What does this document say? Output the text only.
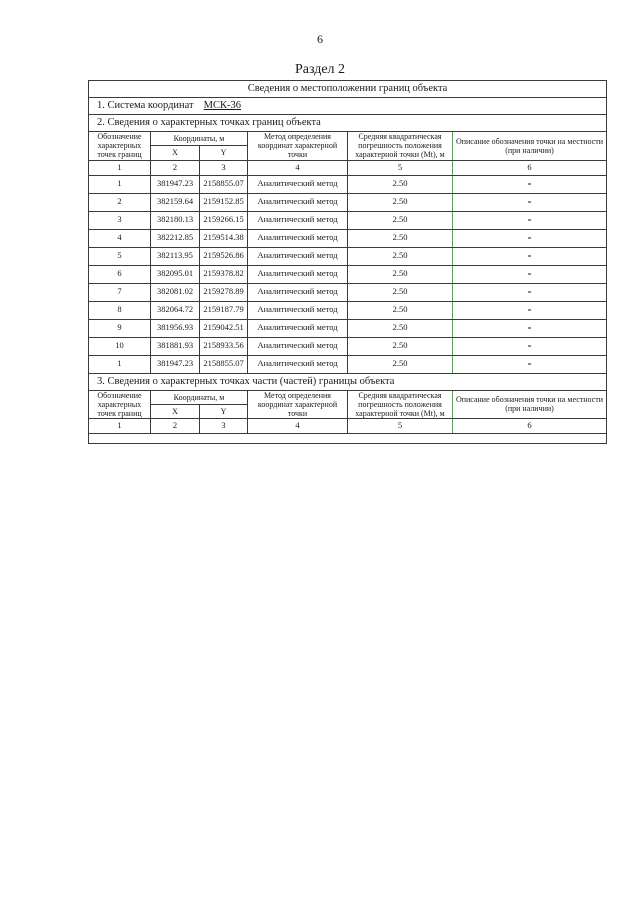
6
Раздел 2
Сведения о местоположении границ объекта					
1. Система координат МСК-36					
2. Сведения о характерных точках границ объекта					
Обозначение характерных точек границ	Координаты, м		Метод определения координат характерной точки	Средняя квадратическая погрешность положения характерной точки (Mt), м	Описание обозначения точки на местности (при наличии)
	X	Y			
1	2	3	4	5	6
1	381947.23	2158855.07	Аналитический метод	2.50	-
2	382159.64	2159152.85	Аналитический метод	2.50	-
3	382180.13	2159266.15	Аналитический метод	2.50	-
4	382212.85	2159514.38	Аналитический метод	2.50	-
5	382113.95	2159526.86	Аналитический метод	2.50	-
6	382095.01	2159378.82	Аналитический метод	2.50	-
7	382081.02	2159278.89	Аналитический метод	2.50	-
8	382064.72	2159187.79	Аналитический метод	2.50	-
9	381956.93	2159042.51	Аналитический метод	2.50	-
10	381881.93	2158933.56	Аналитический метод	2.50	-
1	381947.23	2158855.07	Аналитический метод	2.50	-
3. Сведения о характерных точках части (частей) границы объекта					
Обозначение характерных точек границ	Координаты, м		Метод определения координат характерной точки	Средняя квадратическая погрешность положения характерной точки (Mt), м	Описание обозначения точки на местности (при наличии)
	X	Y			
1	2	3	4	5	6
